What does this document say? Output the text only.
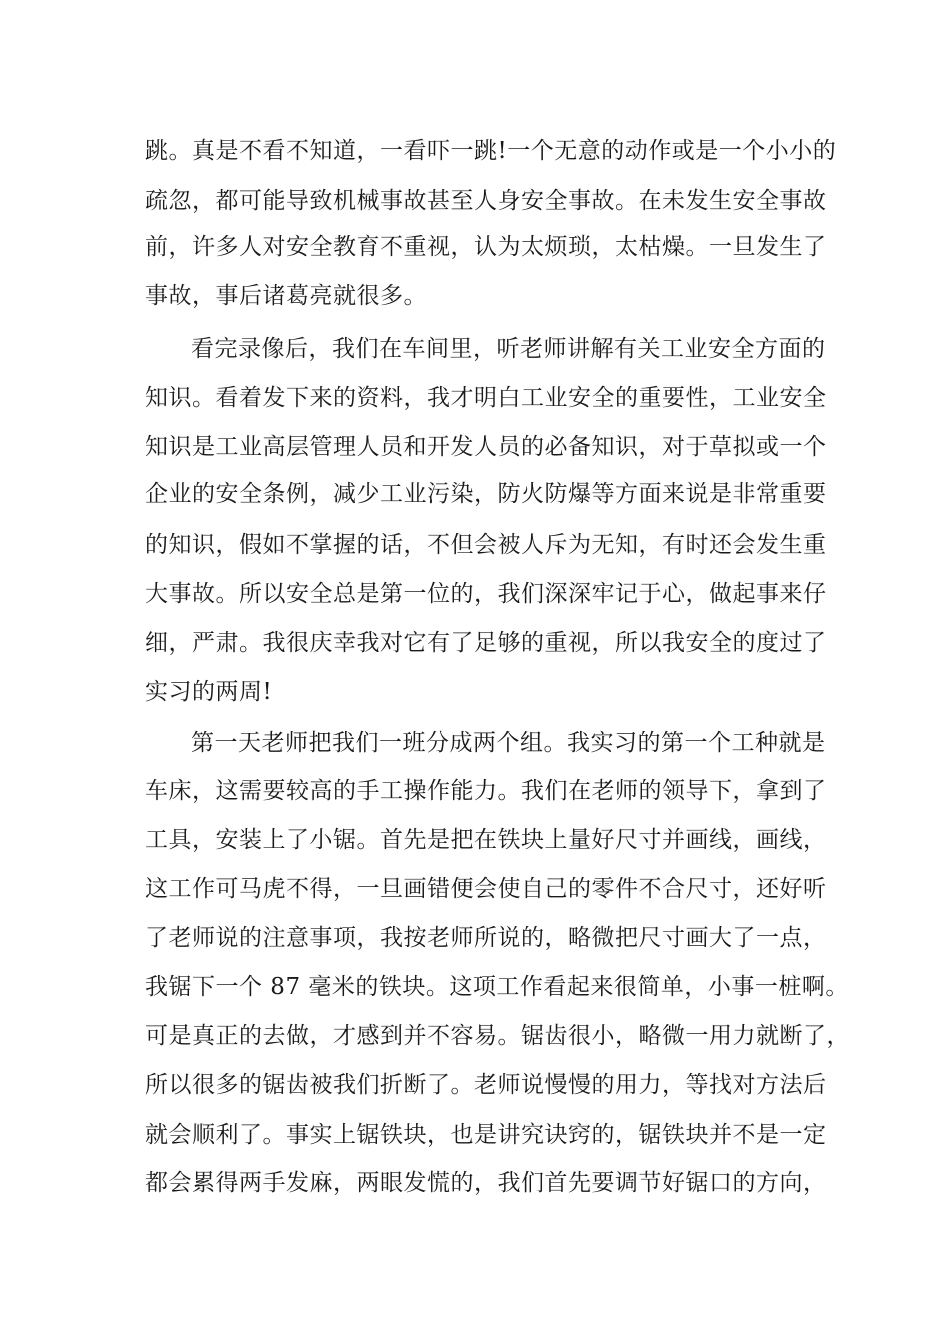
跳。真是不看不知道，一看吓一跳!一个无意的动作或是一个小小的
疏忽，都可能导致机械事故甚至人身安全事故。在未发生安全事故
前，许多人对安全教育不重视，认为太烦琐，太枯燥。一旦发生了
事故，事后诸葛亮就很多。
看完录像后，我们在车间里，听老师讲解有关工业安全方面的
知识。看着发下来的资料，我才明白工业安全的重要性，工业安全
知识是工业高层管理人员和开发人员的必备知识，对于草拟或一个
企业的安全条例，减少工业污染，防火防爆等方面来说是非常重要
的知识，假如不掌握的话，不但会被人斥为无知，有时还会发生重
大事故。所以安全总是第一位的，我们深深牢记于心，做起事来仔
细，严肃。我很庆幸我对它有了足够的重视，所以我安全的度过了
实习的两周!
第一天老师把我们一班分成两个组。我实习的第一个工种就是
车床，这需要较高的手工操作能力。我们在老师的领导下，拿到了
工具，安装上了小锯。首先是把在铁块上量好尺寸并画线，画线，
这工作可马虎不得，一旦画错便会使自己的零件不合尺寸，还好听
了老师说的注意事项，我按老师所说的，略微把尺寸画大了一点，
我锯下一个 87 毫米的铁块。这项工作看起来很简单，小事一桩啊。
可是真正的去做，才感到并不容易。锯齿很小，略微一用力就断了，
所以很多的锯齿被我们折断了。老师说慢慢的用力，等找对方法后
就会顺利了。事实上锯铁块，也是讲究诀窍的，锯铁块并不是一定
都会累得两手发麻，两眼发慌的，我们首先要调节好锯口的方向，
